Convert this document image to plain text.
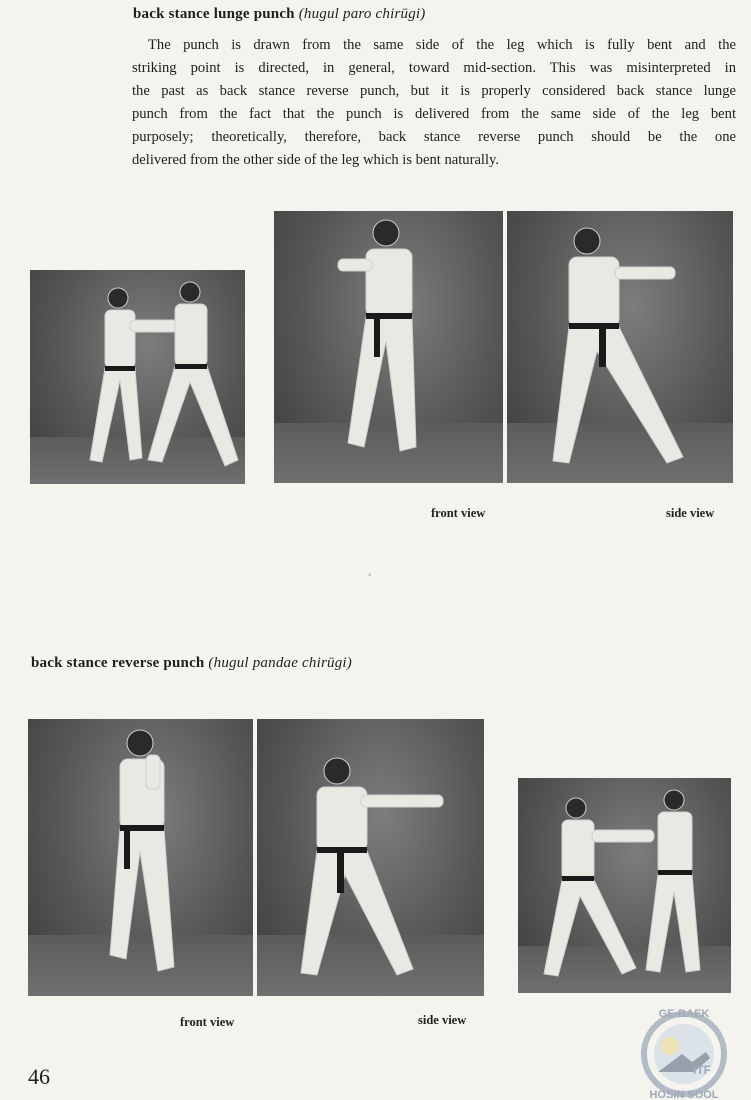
back stance lunge punch (hugul paro chirūgi)
The punch is drawn from the same side of the leg which is fully bent and the
striking point is directed, in general, toward mid-section. This was misinterpreted in
the past as back stance reverse punch, but it is properly considered back stance lunge
punch from the fact that the punch is delivered from the same side of the leg bent
purposely; theoretically, therefore, back stance reverse punch should be the one
delivered from the other side of the leg which is bent naturally.
front view	side view
◦
back stance reverse punch (hugul pandae chirūgi)
front view	side view
46
GE-BAEK
ITF
HOSIN SOOL
